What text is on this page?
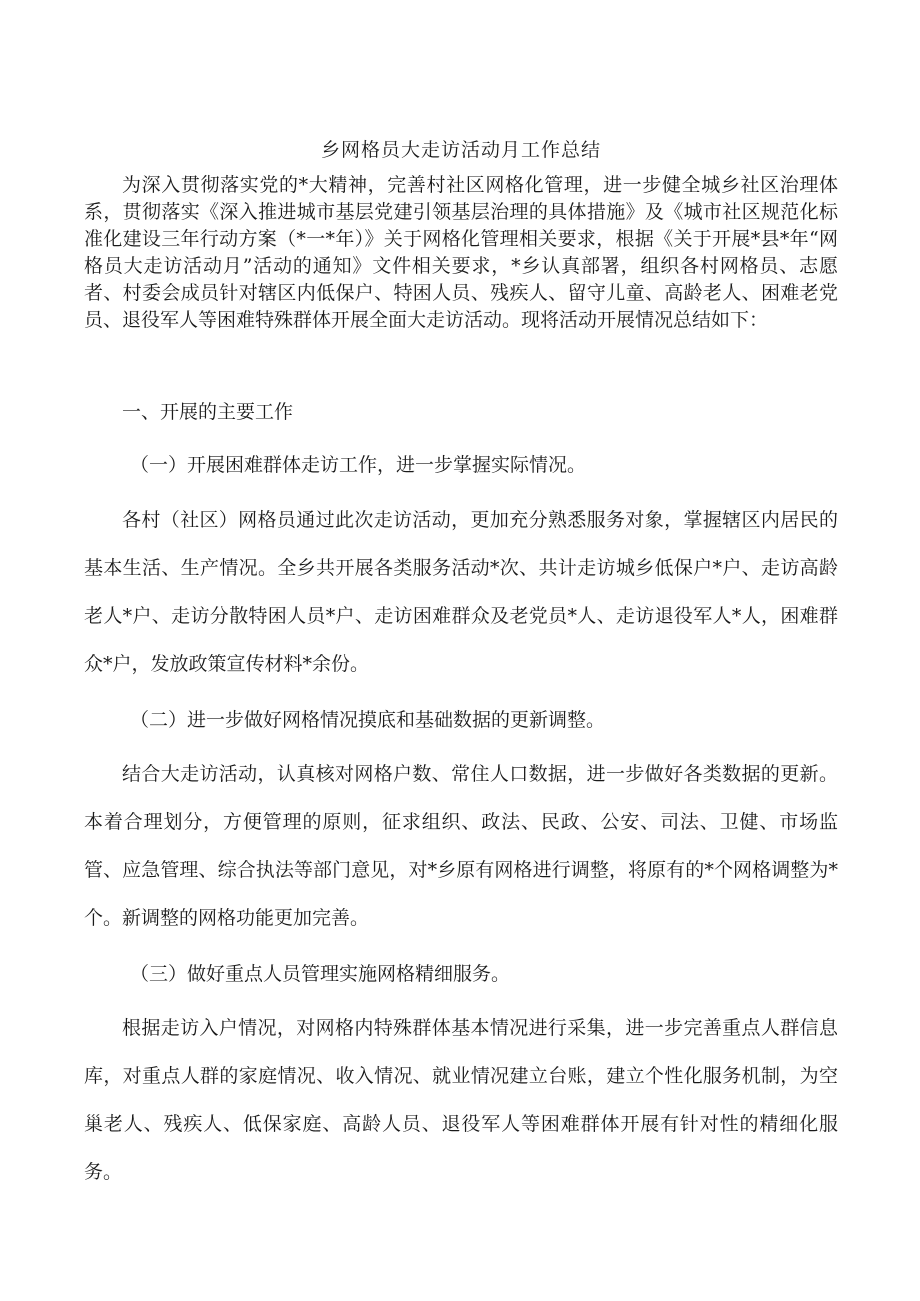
乡网格员大走访活动月工作总结

为深入贯彻落实党的*大精神，完善村社区网格化管理，进一步健全城乡社区治理体系，贯彻落实《深入推进城市基层党建引领基层治理的具体措施》及《城市社区规范化标准化建设三年行动方案（*一*年）》关于网格化管理相关要求，根据《关于开展*县*年“网格员大走访活动月”活动的通知》文件相关要求，*乡认真部署，组织各村网格员、志愿者、村委会成员针对辖区内低保户、特困人员、残疾人、留守儿童、高龄老人、困难老党员、退役军人等困难特殊群体开展全面大走访活动。现将活动开展情况总结如下：

一、开展的主要工作

（一）开展困难群体走访工作，进一步掌握实际情况。

各村（社区）网格员通过此次走访活动，更加充分熟悉服务对象，掌握辖区内居民的基本生活、生产情况。全乡共开展各类服务活动*次、共计走访城乡低保户*户、走访高龄老人*户、走访分散特困人员*户、走访困难群众及老党员*人、走访退役军人*人，困难群众*户，发放政策宣传材料*余份。

（二）进一步做好网格情况摸底和基础数据的更新调整。

结合大走访活动，认真核对网格户数、常住人口数据，进一步做好各类数据的更新。本着合理划分，方便管理的原则，征求组织、政法、民政、公安、司法、卫健、市场监管、应急管理、综合执法等部门意见，对*乡原有网格进行调整，将原有的*个网格调整为*个。新调整的网格功能更加完善。

（三）做好重点人员管理实施网格精细服务。

根据走访入户情况，对网格内特殊群体基本情况进行采集，进一步完善重点人群信息库，对重点人群的家庭情况、收入情况、就业情况建立台账，建立个性化服务机制，为空巢老人、残疾人、低保家庭、高龄人员、退役军人等困难群体开展有针对性的精细化服务。
